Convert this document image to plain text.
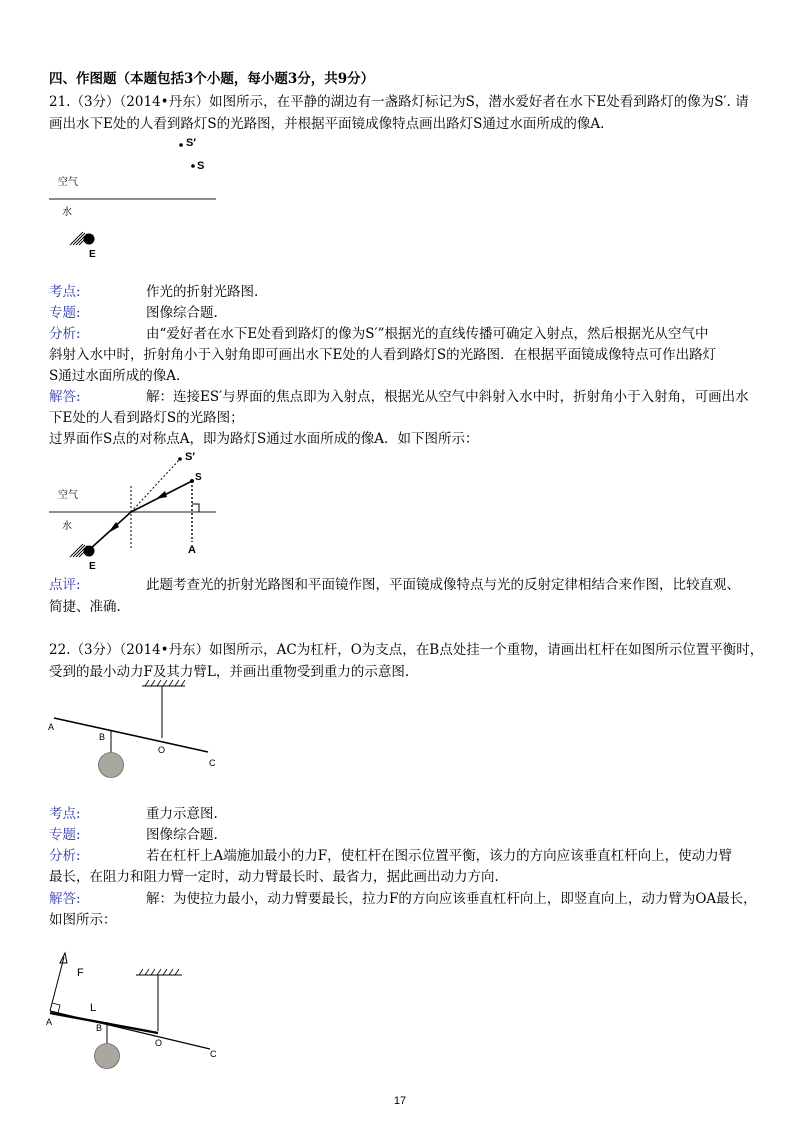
四、作图题（本题包括3个小题，每小题3分，共9分）
21.（3分）（2014•丹东）如图所示，在平静的湖边有一盏路灯标记为S，潜水爱好者在水下E处看到路灯的像为S′. 请
画出水下E处的人看到路灯S的光路图，并根据平面镜成像特点画出路灯S通过水面所成的像A.
S′
S
空气
水
E
考点:	作光的折射光路图.
专题:	图像综合题.
分析:	由“爱好者在水下E处看到路灯的像为S′”根据光的直线传播可确定入射点，然后根据光从空气中
斜射入水中时，折射角小于入射角即可画出水下E处的人看到路灯S的光路图．在根据平面镜成像特点可作出路灯
S通过水面所成的像A.
解答:	解：连接ES′与界面的焦点即为入射点，根据光从空气中斜射入水中时，折射角小于入射角，可画出水
下E处的人看到路灯S的光路图；
过界面作S点的对称点A，即为路灯S通过水面所成的像A．如下图所示：
S′
S
空气
水
A
E
点评:	此题考查光的折射光路图和平面镜作图，平面镜成像特点与光的反射定律相结合来作图，比较直观、
简捷、准确.
22.（3分）（2014•丹东）如图所示，AC为杠杆，O为支点，在B点处挂一个重物，请画出杠杆在如图所示位置平衡时，
受到的最小动力F及其力臂L，并画出重物受到重力的示意图.
A
B
O
C
考点:	重力示意图.
专题:	图像综合题.
分析:	若在杠杆上A端施加最小的力F，使杠杆在图示位置平衡，该力的方向应该垂直杠杆向上，使动力臂
最长，在阻力和阻力臂一定时，动力臂最长时、最省力，据此画出动力方向.
解答:	解：为使拉力最小，动力臂要最长，拉力F的方向应该垂直杠杆向上，即竖直向上，动力臂为OA最长，
如图所示：
F
L
A
B
O
C
17
